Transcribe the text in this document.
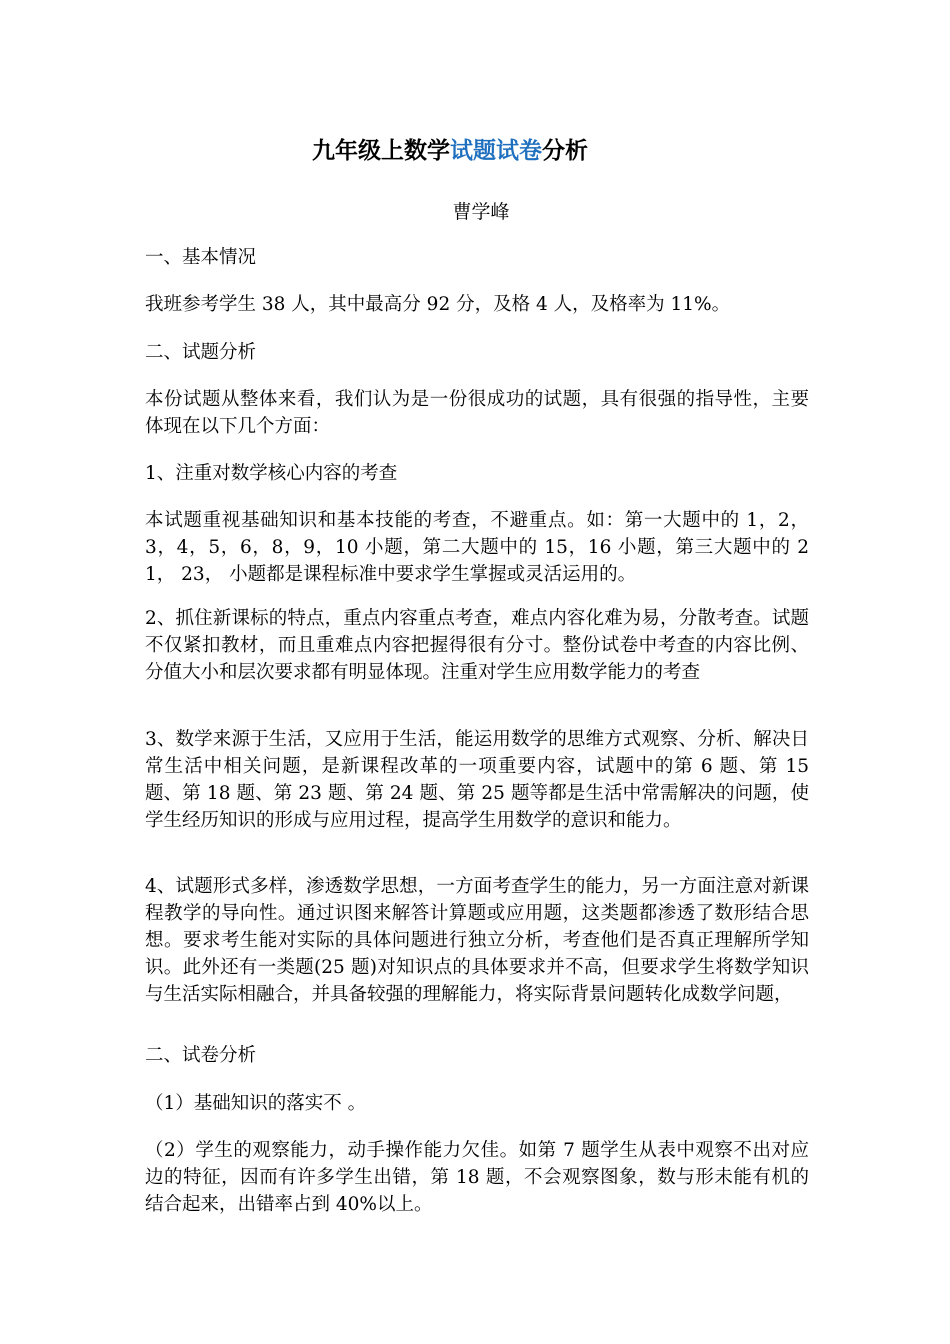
九年级上数学试题试卷分析
曹学峰

一、基本情况

我班参考学生 38 人，其中最高分 92 分，及格 4 人，及格率为 11%。

二、试题分析

本份试题从整体来看，我们认为是一份很成功的试题，具有很强的指导性，主要体现在以下几个方面：

1、注重对数学核心内容的考查

本试题重视基础知识和基本技能的考查，不避重点。如：第一大题中的 1，2，3，4，5，6，8，9，10 小题，第二大题中的 15，16 小题，第三大题中的 21， 23， 小题都是课程标准中要求学生掌握或灵活运用的。

2、抓住新课标的特点，重点内容重点考查，难点内容化难为易，分散考查。试题不仅紧扣教材，而且重难点内容把握得很有分寸。整份试卷中考查的内容比例、分值大小和层次要求都有明显体现。注重对学生应用数学能力的考查

3、数学来源于生活，又应用于生活，能运用数学的思维方式观察、分析、解决日常生活中相关问题，是新课程改革的一项重要内容，试题中的第 6 题、第 15 题、第 18 题、第 23 题、第 24 题、第 25 题等都是生活中常需解决的问题，使学生经历知识的形成与应用过程，提高学生用数学的意识和能力。

4、试题形式多样，渗透数学思想，一方面考查学生的能力，另一方面注意对新课程教学的导向性。通过识图来解答计算题或应用题，这类题都渗透了数形结合思想。要求考生能对实际的具体问题进行独立分析，考查他们是否真正理解所学知识。此外还有一类题(25 题)对知识点的具体要求并不高，但要求学生将数学知识与生活实际相融合，并具备较强的理解能力，将实际背景问题转化成数学问题，

二、试卷分析

（1）基础知识的落实不 。

（2）学生的观察能力，动手操作能力欠佳。如第 7 题学生从表中观察不出对应边的特征，因而有许多学生出错，第 18 题，不会观察图象，数与形未能有机的结合起来，出错率占到 40%以上。
